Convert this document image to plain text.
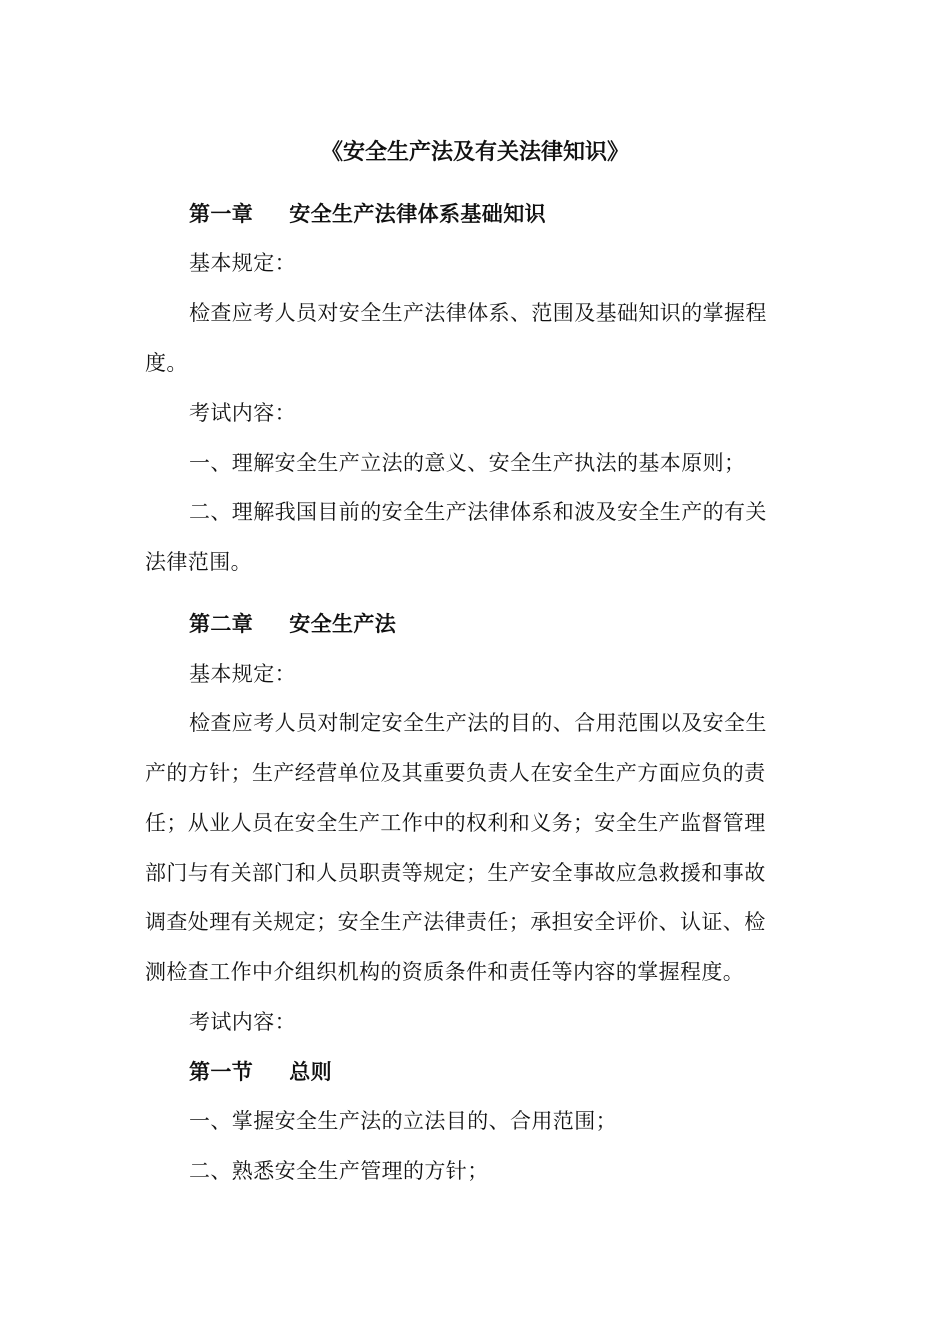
《安全生产法及有关法律知识》
第一章 安全生产法律体系基础知识
基本规定：
检查应考人员对安全生产法律体系、范围及基础知识的掌握程
度。
考试内容：
一、理解安全生产立法的意义、安全生产执法的基本原则；
二、理解我国目前的安全生产法律体系和波及安全生产的有关
法律范围。
第二章 安全生产法
基本规定：
检查应考人员对制定安全生产法的目的、合用范围以及安全生
产的方针；生产经营单位及其重要负责人在安全生产方面应负的责
任；从业人员在安全生产工作中的权利和义务；安全生产监督管理
部门与有关部门和人员职责等规定；生产安全事故应急救援和事故
调查处理有关规定；安全生产法律责任；承担安全评价、认证、检
测检查工作中介组织机构的资质条件和责任等内容的掌握程度。
考试内容：
第一节 总则
一、掌握安全生产法的立法目的、合用范围；
二、熟悉安全生产管理的方针；
